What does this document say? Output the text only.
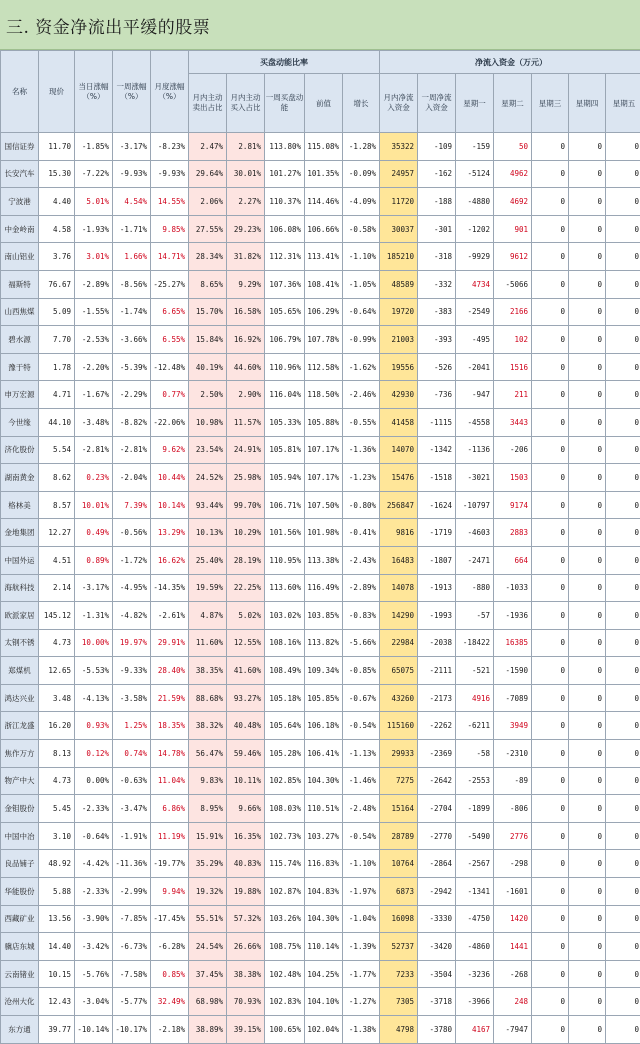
三. 资金净流出平缓的股票
名称	现价	当日涨幅（%）	一周涨幅（%）	月度涨幅（%）	买盘动能比率					净流入资金（万元）						
					月内主动卖出占比	月内主动买入占比	一周买盘动能	前值	增长	月内净流入资金	一周净流入资金	星期一	星期二	星期三	星期四	星期五
国信证券	11.70	-1.85%	-3.17%	-8.23%	2.47%	2.81%	113.80%	115.08%	-1.28%	35322	-109	-159	50	0	0	0
长安汽车	15.30	-7.22%	-9.93%	-9.93%	29.64%	30.01%	101.27%	101.35%	-0.09%	24957	-162	-5124	4962	0	0	0
宁波港	4.40	5.01%	4.54%	14.55%	2.06%	2.27%	110.37%	114.46%	-4.09%	11720	-188	-4880	4692	0	0	0
中金岭南	4.58	-1.93%	-1.71%	9.85%	27.55%	29.23%	106.08%	106.66%	-0.58%	30037	-301	-1202	901	0	0	0
南山铝业	3.76	3.01%	1.66%	14.71%	28.34%	31.82%	112.31%	113.41%	-1.10%	185210	-318	-9929	9612	0	0	0
福斯特	76.67	-2.89%	-8.56%	-25.27%	8.65%	9.29%	107.36%	108.41%	-1.05%	48589	-332	4734	-5066	0	0	0
山西焦煤	5.09	-1.55%	-1.74%	6.65%	15.70%	16.58%	105.65%	106.29%	-0.64%	19720	-383	-2549	2166	0	0	0
碧水源	7.70	-2.53%	-3.66%	6.55%	15.84%	16.92%	106.79%	107.78%	-0.99%	21003	-393	-495	102	0	0	0
豫于特	1.78	-2.20%	-5.39%	-12.48%	40.19%	44.60%	110.96%	112.58%	-1.62%	19556	-526	-2041	1516	0	0	0
申万宏源	4.71	-1.67%	-2.29%	0.77%	2.50%	2.90%	116.04%	118.50%	-2.46%	42930	-736	-947	211	0	0	0
今世缘	44.10	-3.48%	-8.82%	-22.06%	10.98%	11.57%	105.33%	105.88%	-0.55%	41458	-1115	-4558	3443	0	0	0
济化股份	5.54	-2.81%	-2.81%	9.62%	23.54%	24.91%	105.81%	107.17%	-1.36%	14070	-1342	-1136	-206	0	0	0
湖南黄金	8.62	0.23%	-2.04%	10.44%	24.52%	25.98%	105.94%	107.17%	-1.23%	15476	-1518	-3021	1503	0	0	0
格林美	8.57	10.01%	7.39%	10.14%	93.44%	99.70%	106.71%	107.50%	-0.80%	256847	-1624	-10797	9174	0	0	0
金地集团	12.27	0.49%	-0.56%	13.29%	10.13%	10.29%	101.56%	101.98%	-0.41%	9816	-1719	-4603	2883	0	0	0
中国外运	4.51	0.89%	-1.72%	16.62%	25.40%	28.19%	110.95%	113.38%	-2.43%	16483	-1807	-2471	664	0	0	0
海航科技	2.14	-3.17%	-4.95%	-14.35%	19.59%	22.25%	113.60%	116.49%	-2.89%	14078	-1913	-880	-1033	0	0	0
欧派家居	145.12	-1.31%	-4.82%	-2.61%	4.87%	5.02%	103.02%	103.85%	-0.83%	14290	-1993	-57	-1936	0	0	0
太钢不锈	4.73	10.00%	19.97%	29.91%	11.60%	12.55%	108.16%	113.82%	-5.66%	22984	-2038	-18422	16385	0	0	0
郑煤机	12.65	-5.53%	-9.33%	28.40%	38.35%	41.60%	108.49%	109.34%	-0.85%	65075	-2111	-521	-1590	0	0	0
鸿达兴业	3.48	-4.13%	-3.58%	21.59%	88.68%	93.27%	105.18%	105.85%	-0.67%	43260	-2173	4916	-7089	0	0	0
浙江龙盛	16.20	0.93%	1.25%	18.35%	38.32%	40.48%	105.64%	106.18%	-0.54%	115160	-2262	-6211	3949	0	0	0
焦作万方	8.13	0.12%	0.74%	14.78%	56.47%	59.46%	105.28%	106.41%	-1.13%	29933	-2369	-58	-2310	0	0	0
物产中大	4.73	0.00%	-0.63%	11.04%	9.83%	10.11%	102.85%	104.30%	-1.46%	7275	-2642	-2553	-89	0	0	0
金钼股份	5.45	-2.33%	-3.47%	6.86%	8.95%	9.66%	108.03%	110.51%	-2.48%	15164	-2704	-1899	-806	0	0	0
中国中冶	3.10	-0.64%	-1.91%	11.19%	15.91%	16.35%	102.73%	103.27%	-0.54%	28789	-2770	-5490	2776	0	0	0
良品铺子	48.92	-4.42%	-11.36%	-19.77%	35.29%	40.83%	115.74%	116.83%	-1.10%	10764	-2864	-2567	-298	0	0	0
华能股份	5.88	-2.33%	-2.99%	9.94%	19.32%	19.88%	102.87%	104.83%	-1.97%	6873	-2942	-1341	-1601	0	0	0
西藏矿业	13.56	-3.90%	-7.85%	-17.45%	55.51%	57.32%	103.26%	104.30%	-1.04%	16098	-3330	-4750	1420	0	0	0
骥店东城	14.40	-3.42%	-6.73%	-6.28%	24.54%	26.66%	108.75%	110.14%	-1.39%	52737	-3420	-4860	1441	0	0	0
云南锗业	10.15	-5.76%	-7.58%	0.85%	37.45%	38.38%	102.48%	104.25%	-1.77%	7233	-3504	-3236	-268	0	0	0
沧州大化	12.43	-3.04%	-5.77%	32.49%	68.98%	70.93%	102.83%	104.10%	-1.27%	7305	-3718	-3966	248	0	0	0
东方通	39.77	-10.14%	-10.17%	-2.18%	38.89%	39.15%	100.65%	102.04%	-1.38%	4798	-3780	4167	-7947	0	0	0
